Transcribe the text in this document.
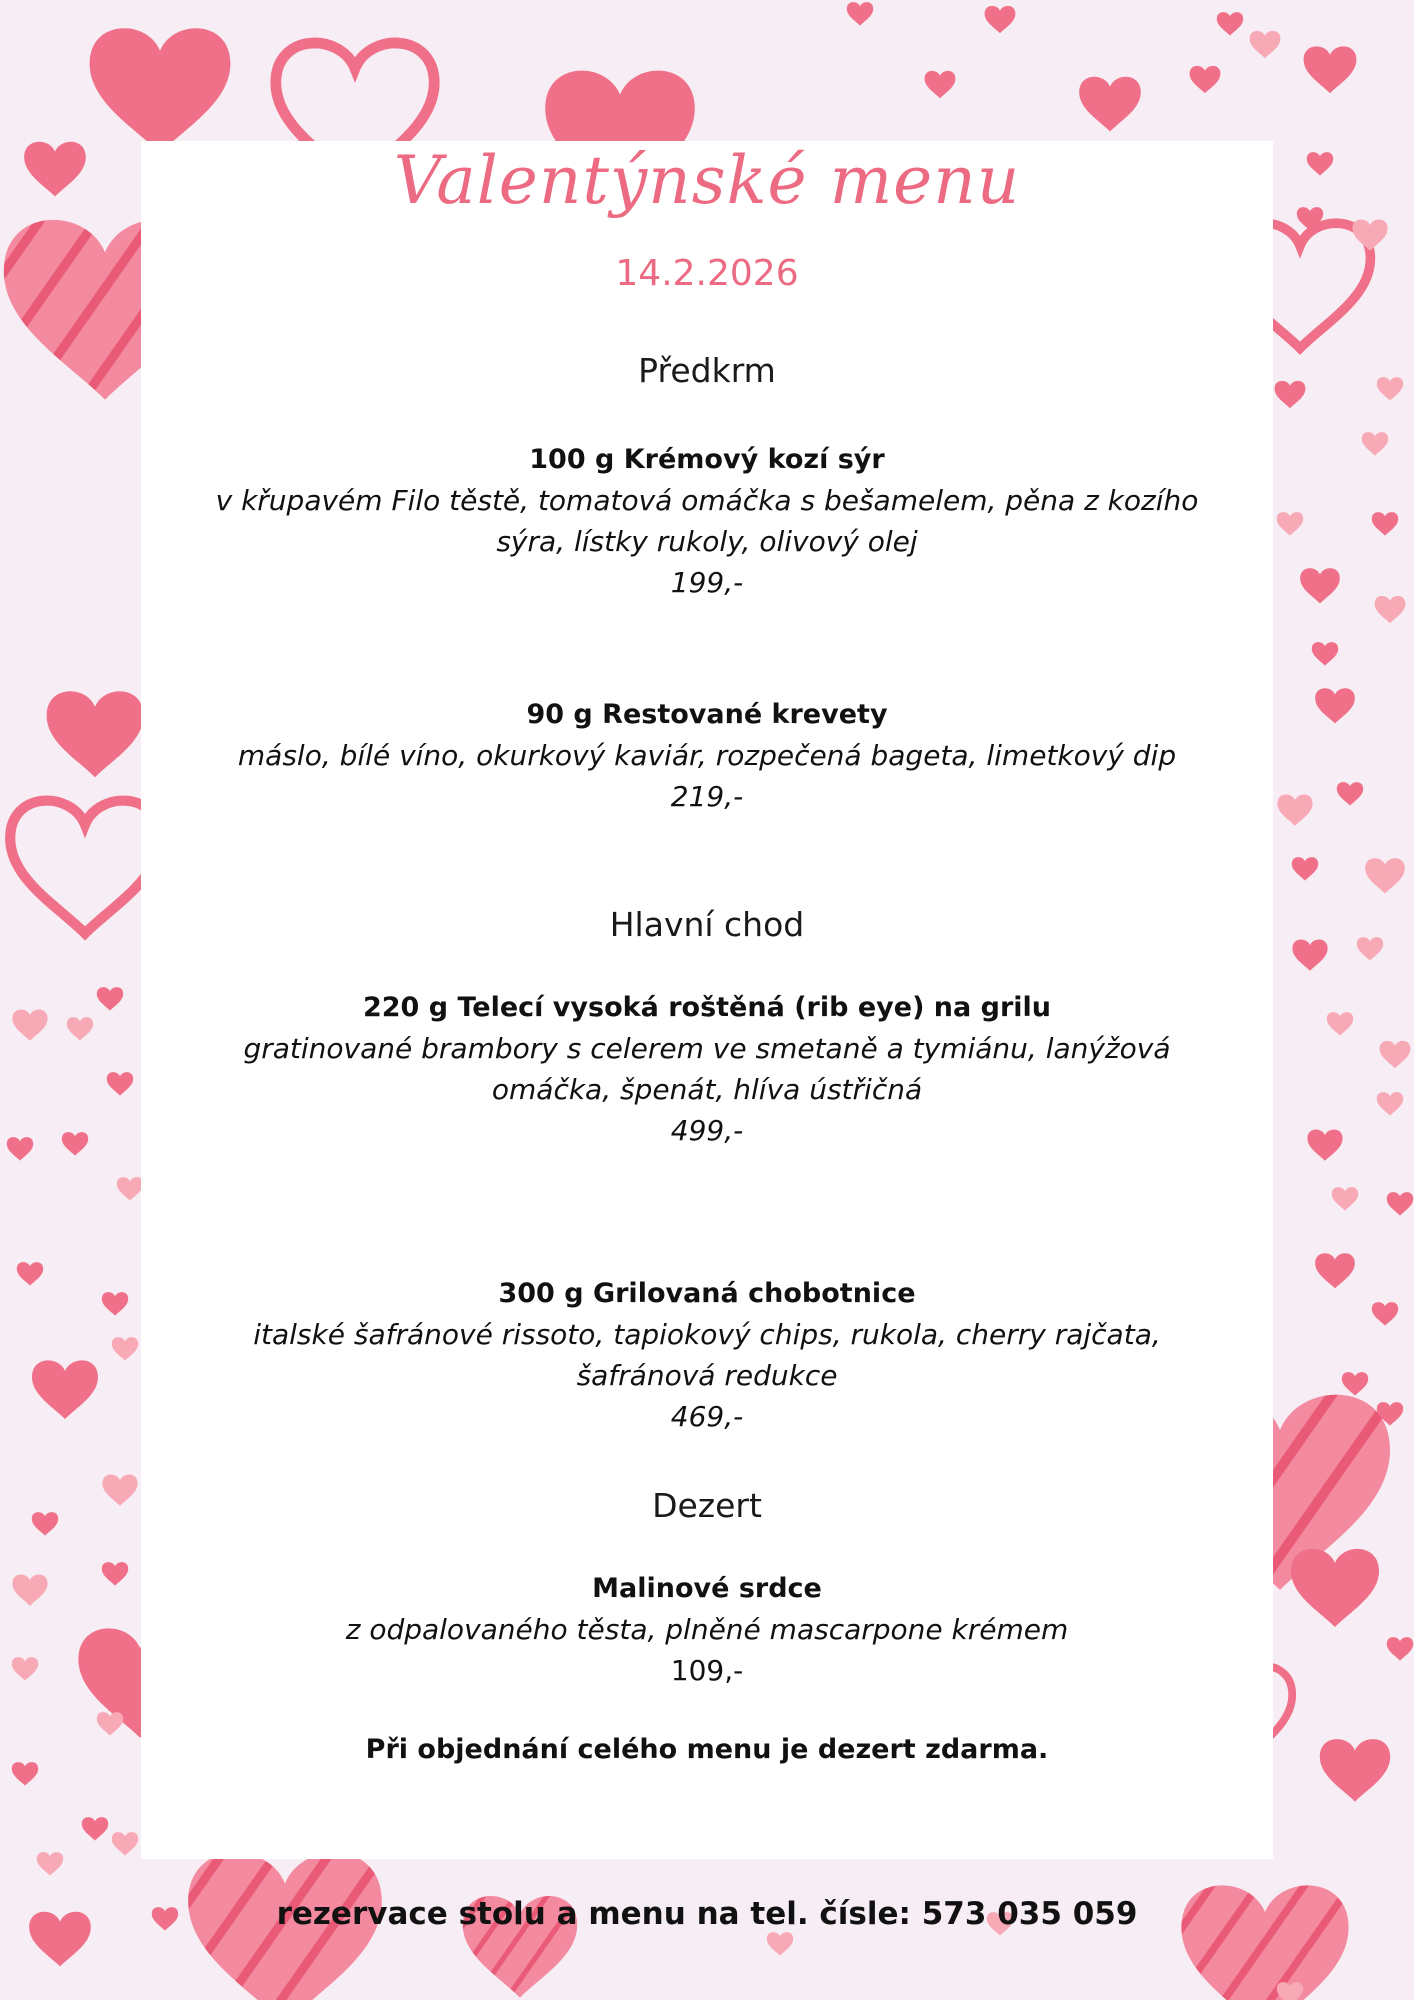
Valentýnské menu
14.2.2026
Předkrm
100 g Krémový kozí sýr
v křupavém Filo těstě, tomatová omáčka s bešamelem, pěna z kozího sýra, lístky rukoly, olivový olej
199,-
90 g Restované krevety
máslo, bílé víno, okurkový kaviár, rozpečená bageta, limetkový dip
219,-
Hlavní chod
220 g Telecí vysoká roštěná (rib eye) na grilu
gratinované brambory s celerem ve smetaně a tymiánu, lanýžová omáčka, špenát, hlíva ústřičná
499,-
300 g Grilovaná chobotnice
italské šafránové rissoto, tapiokový chips, rukola, cherry rajčata, šafránová redukce
469,-
Dezert
Malinové srdce
z odpalovaného těsta, plněné mascarpone krémem
109,-
Při objednání celého menu je dezert zdarma.
rezervace stolu a menu na tel. čísle: 573 035 059
